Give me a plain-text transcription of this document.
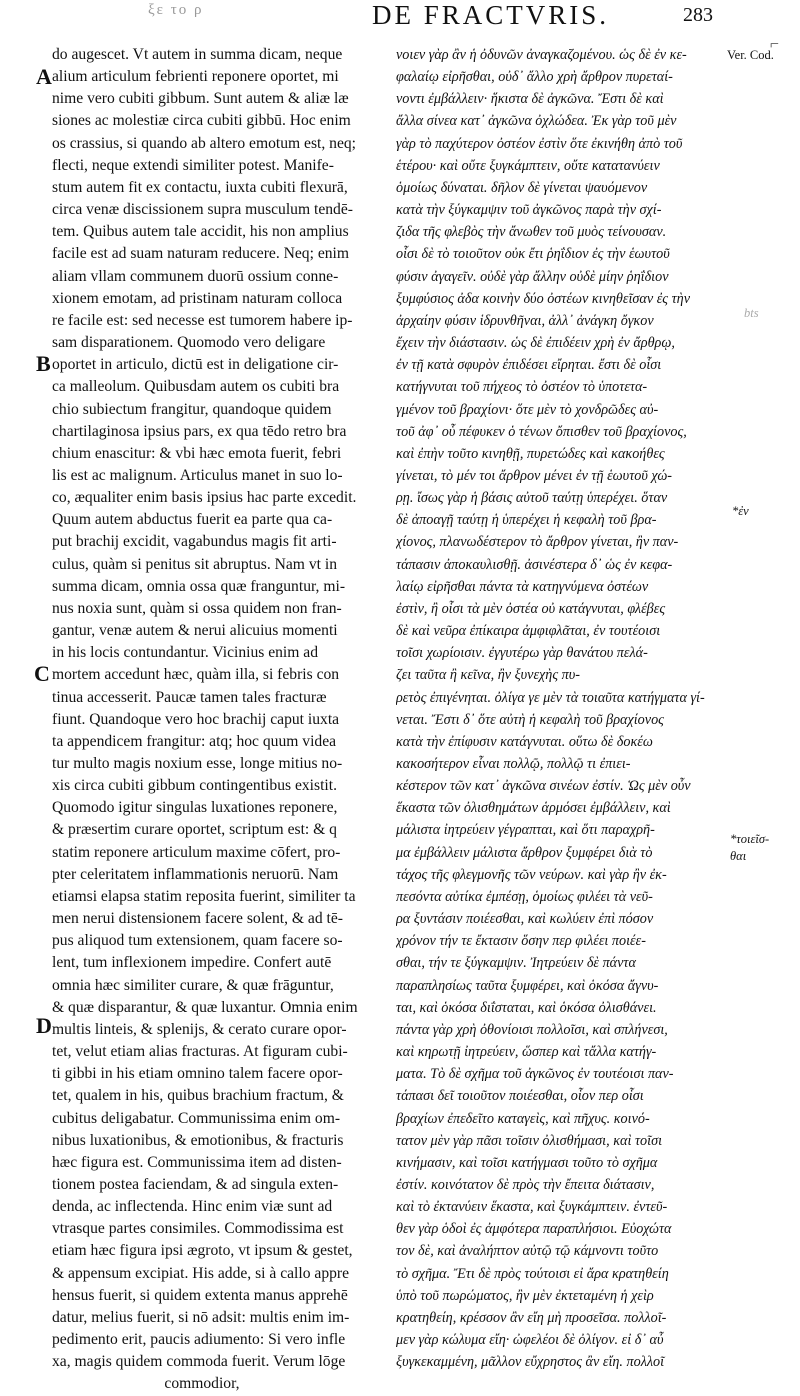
ξε το ρ	DE FRACTVRIS.	283
⌐
A
B
C
D
do augescet. Vt autem in summa dicam, neque
alium articulum febrienti reponere oportet, mi
nime vero cubiti gibbum. Sunt autem & aliæ læ
siones ac molestiæ circa cubiti gibbū. Hoc enim
os crassius, si quando ab altero emotum est, neq;
flecti, neque extendi similiter potest. Manife-
stum autem fit ex contactu, iuxta cubiti flexurā,
circa venæ discissionem supra musculum tendē-
tem. Quibus autem tale accidit, his non amplius
facile est ad suam naturam reducere. Neq; enim
aliam vllam communem duorū ossium conne-
xionem emotam, ad pristinam naturam colloca
re facile est: sed necesse est tumorem habere ip-
sam disparationem. Quomodo vero deligare
oportet in articulo, dictū est in deligatione cir-
ca malleolum. Quibusdam autem os cubiti bra
chio subiectum frangitur, quandoque quidem
chartilaginosa ipsius pars, ex qua tēdo retro bra
chium enascitur: & vbi hæc emota fuerit, febri
lis est ac malignum. Articulus manet in suo lo-
co, æqualiter enim basis ipsius hac parte excedit.
Quum autem abductus fuerit ea parte qua ca-
put brachij excidit, vagabundus magis fit arti-
culus, quàm si penitus sit abruptus. Nam vt in
summa dicam, omnia ossa quæ franguntur, mi-
nus noxia sunt, quàm si ossa quidem non fran-
gantur, venæ autem & nerui alicuius momenti
in his locis contundantur. Vicinius enim ad
mortem accedunt hæc, quàm illa, si febris con
tinua accesserit. Paucæ tamen tales fracturæ
fiunt. Quandoque vero hoc brachij caput iuxta
ta appendicem frangitur: atq; hoc quum videa
tur multo magis noxium esse, longe mitius no-
xis circa cubiti gibbum contingentibus existit.
Quomodo igitur singulas luxationes reponere,
& præsertim curare oportet, scriptum est: & q
statim reponere articulum maxime cōfert, pro-
pter celeritatem inflammationis neruorū. Nam
etiamsi elapsa statim reposita fuerint, similiter ta
men nerui distensionem facere solent, & ad tē-
pus aliquod tum extensionem, quam facere so-
lent, tum inflexionem impedire. Confert autē
omnia hæc similiter curare, & quæ frāguntur,
& quæ disparantur, & quæ luxantur. Omnia enim
multis linteis, & splenijs, & cerato curare opor-
tet, velut etiam alias fracturas. At figuram cubi-
ti gibbi in his etiam omnino talem facere opor-
tet, qualem in his, quibus brachium fractum, &
cubitus deligabatur. Communissima enim om-
nibus luxationibus, & emotionibus, & fracturis
hæc figura est. Communissima item ad disten-
tionem postea faciendam, & ad singula exten-
denda, ac inflectenda. Hinc enim viæ sunt ad
vtrasque partes consimiles. Commodissima est
etiam hæc figura ipsi ægroto, vt ipsum & gestet,
& appensum excipiat. His adde, si à callo appre
hensus fuerit, si quidem extenta manus apprehē
datur, melius fuerit, si nō adsit: multis enim im-
pedimento erit, paucis adiumento: Si vero infle
xa, magis quidem commoda fuerit. Verum lōge
commodior,
νοιεν γὰρ ἂν ἡ ὀδυνῶν ἀναγκαζομένου. ὡς δὲ ἐν κε-
φαλαίῳ εἰρῆσθαι, οὐδ᾽ ἄλλο χρὴ ἄρθρον πυρεταί-
νοντι ἐμβάλλειν· ἥκιστα δὲ ἀγκῶνα. Ἔστι δὲ καὶ
ἄλλα σίνεα κατ᾽ ἀγκῶνα ὀχλώδεα. Ἐκ γὰρ τοῦ μὲν
γὰρ τὸ παχύτερον ὀστέον ἐστὶν ὅτε ἐκινήθη ἀπὸ τοῦ
ἑτέρου· καὶ οὔτε ξυγκάμπτειν, οὔτε κατατανύειν
ὁμοίως δύναται. δῆλον δὲ γίνεται ψαυόμενον
κατὰ τὴν ξύγκαμψιν τοῦ ἀγκῶνος παρὰ τὴν σχί-
ζιδα τῆς φλεβὸς τὴν ἄνωθεν τοῦ μυὸς τείνουσαν.
οἷσι δὲ τὸ τοιοῦτον οὐκ ἔτι ῥηΐδιον ἐς τὴν ἑωυτοῦ
φύσιν ἀγαγεῖν. οὐδὲ γὰρ ἄλλην οὐδὲ μίην ῥηΐδιον
ξυμφύσιος ἀδα κοινὴν δύο ὀστέων κινηθεῖσαν ἐς τὴν
ἀρχαίην φύσιν ἱδρυνθῆναι, ἀλλ᾽ ἀνάγκη ὄγκον
ἔχειν τὴν διάστασιν. ὡς δὲ ἐπιδέειν χρὴ ἐν ἄρθρῳ,
ἐν τῇ κατὰ σφυρὸν ἐπιδέσει εἴρηται. ἔστι δὲ οἷσι
κατήγνυται τοῦ πήχεος τὸ ὀστέον τὸ ὑποτετα-
γμένον τοῦ βραχίονι· ὅτε μὲν τὸ χονδρῶδες αὐ-
τοῦ ἀφ᾽ οὗ πέφυκεν ὁ τένων ὄπισθεν τοῦ βραχίονος,
καὶ ἐπὴν τοῦτο κινηθῇ, πυρετώδες καὶ κακοήθες
γίνεται, τὸ μέν τοι ἄρθρον μένει ἐν τῇ ἑωυτοῦ χώ-
ρῃ. ἴσως γὰρ ἡ βάσις αὐτοῦ ταύτῃ ὑπερέχει. ὅταν
δὲ ἀποαγῇ ταύτῃ ἡ ὑπερέχει ἡ κεφαλὴ τοῦ βρα-
χίονος, πλανωδέστερον τὸ ἄρθρον γίνεται, ἢν παν-
τάπασιν ἀποκαυλισθῇ. ἀσινέστερα δ᾽ ὡς ἐν κεφα-
λαίῳ εἰρῆσθαι πάντα τὰ κατηγνύμενα ὀστέων
ἐστὶν, ἢ οἷσι τὰ μὲν ὀστέα οὐ κατάγνυται, φλέβες
δὲ καὶ νεῦρα ἐπίκαιρα ἀμφιφλᾶται, ἐν τουτέοισι
τοῖσι χωρίοισιν. ἐγγυτέρω γὰρ θανάτου πελά-
ζει ταῦτα ἢ κεῖνα, ἢν ξυνεχὴς πυ-
ρετὸς ἐπιγένηται. ὀλίγα γε μὲν τὰ τοιαῦτα κατήγματα γί-
νεται. Ἔστι δ᾽ ὅτε αὐτὴ ἡ κεφαλὴ τοῦ βραχίονος
κατὰ τὴν ἐπίφυσιν κατάγνυται. οὕτω δὲ δοκέω
κακοσήτερον εἶναι πολλῷ, πολλῷ τι ἐπιει-
κέστερον τῶν κατ᾽ ἀγκῶνα σινέων ἐστίν. Ὡς μὲν οὖν
ἕκαστα τῶν ὀλισθημάτων ἁρμόσει ἐμβάλλειν, καὶ
μάλιστα ἰητρεύειν γέγραπται, καὶ ὅτι παραχρῆ-
μα ἐμβάλλειν μάλιστα ἄρθρον ξυμφέρει διὰ τὸ
τάχος τῆς φλεγμονῆς τῶν νεύρων. καὶ γὰρ ἢν ἐκ-
πεσόντα αὐτίκα ἐμπέσῃ, ὁμοίως φιλέει τὰ νεῦ-
ρα ξυντάσιν ποιέεσθαι, καὶ κωλύειν ἐπὶ πόσον
χρόνον τήν τε ἔκτασιν ὅσην περ φιλέει ποιέε-
σθαι, τήν τε ξύγκαμψιν. Ἰητρεύειν δὲ πάντα
παραπλησίως ταῦτα ξυμφέρει, καὶ ὁκόσα ἄγνυ-
ται, καὶ ὁκόσα διΐσταται, καὶ ὁκόσα ὀλισθάνει.
πάντα γὰρ χρὴ ὀθονίοισι πολλοῖσι, καὶ σπλήνεσι,
καὶ κηρωτῇ ἰητρεύειν, ὥσπερ καὶ τἄλλα κατήγ-
ματα. Τὸ δὲ σχῆμα τοῦ ἀγκῶνος ἐν τουτέοισι παν-
τάπασι δεῖ τοιοῦτον ποιέεσθαι, οἷον περ οἷσι
βραχίων ἐπεδεῖτο καταγεὶς, καὶ πῆχυς. κοινό-
τατον μὲν γὰρ πᾶσι τοῖσιν ὀλισθήμασι, καὶ τοῖσι
κινήμασιν, καὶ τοῖσι κατήγμασι τοῦτο τὸ σχῆμα
ἐστίν. κοινότατον δὲ πρὸς τὴν ἔπειτα διάτασιν,
καὶ τὸ ἐκτανύειν ἕκαστα, καὶ ξυγκάμπτειν. ἐντεῦ-
θεν γὰρ ὁδοὶ ἐς ἀμφότερα παραπλήσιοι. Εὐοχώτα
τον δὲ, καὶ ἀναλήπτον αὐτῷ τῷ κάμνοντι τοῦτο
τὸ σχῆμα. Ἔτι δὲ πρὸς τούτοισι εἰ ἄρα κρατηθείη
ὑπὸ τοῦ πωρώματος, ἢν μὲν ἐκτεταμένη ἡ χεὶρ
κρατηθείη, κρέσσον ἂν εἴη μὴ προσεῖσα. πολλοῖ-
μεν γὰρ κώλυμα εἴη· ὠφελέοι δὲ ὀλίγον. εἰ δ᾽ αὖ
ξυγκεκαμμένη, μᾶλλον εὔχρηστος ἂν εἴη. πολλοῖ
Ver. Cod.
bts
*ἐν
*τοιεῖσ-
θαι
